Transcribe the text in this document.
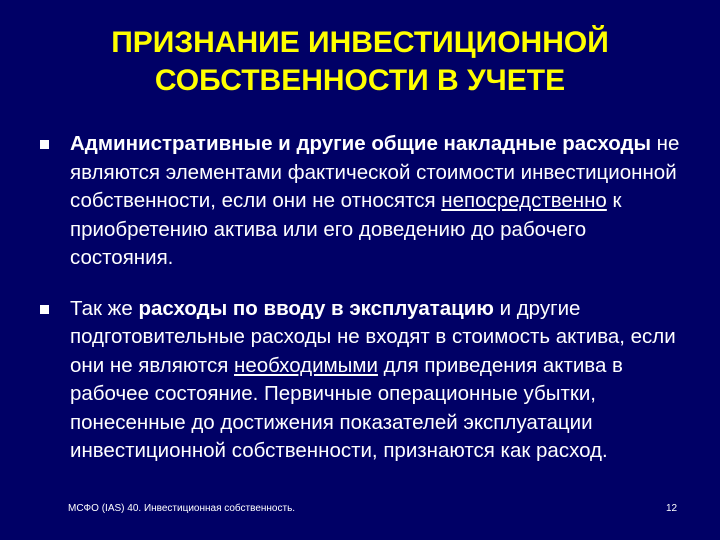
ПРИЗНАНИЕ ИНВЕСТИЦИОННОЙ
СОБСТВЕННОСТИ В УЧЕТЕ
Административные и другие общие накладные расходы не являются элементами фактической стоимости инвестиционной собственности, если они не относятся непосредственно к приобретению актива или его доведению до рабочего состояния.
Так же расходы по вводу в эксплуатацию и другие подготовительные расходы не входят в стоимость актива, если они не являются необходимыми для приведения актива в рабочее состояние. Первичные операционные убытки, понесенные до достижения показателей эксплуатации инвестиционной собственности, признаются как расход.
МСФО (IAS) 40. Инвестиционная собственность.	12
